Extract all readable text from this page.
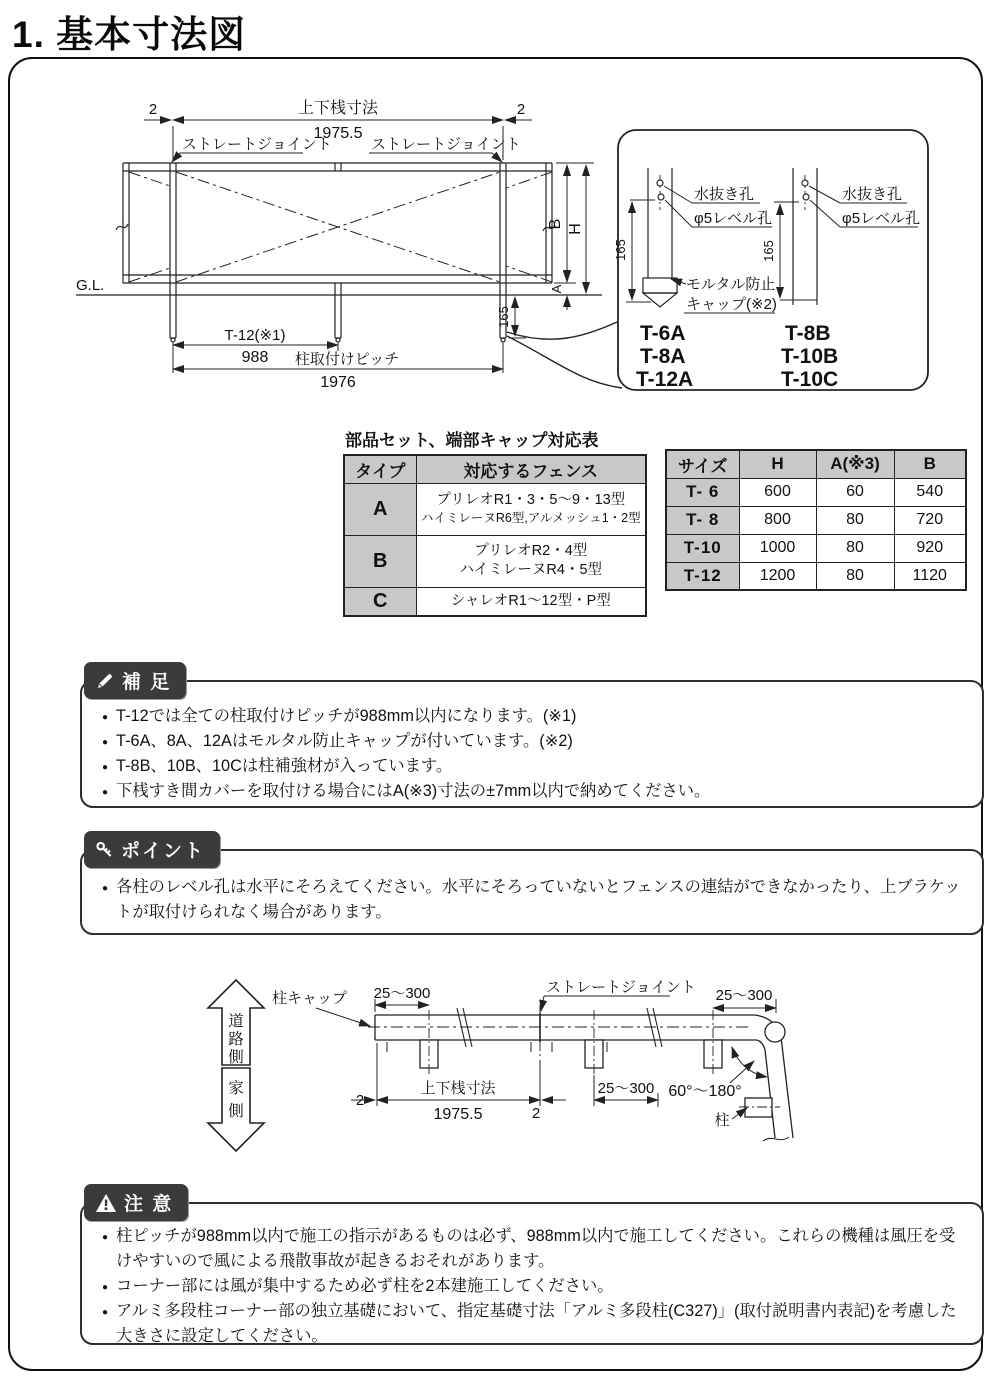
1. 基本寸法図
2	上下桟寸法
1975.5
2
ストレートジョイント	ストレートジョイント
G.L.
B H
A
165
T-12(※1)
988 柱取付けピッチ
1976
水抜き孔
φ5レベル孔
165
モルタル防止
キャップ(※2)
T-6A
T-8A
T-12A
水抜き孔
φ5レベル孔
165
T-8B
T-10B
T-10C
部品セット、端部キャップ対応表
タイプ	対応するフェンス
A	プリレオR1・3・5〜9・13型
ハイミレーヌR6型,アルメッシュ1・2型

B	プリレオR2・4型
ハイミレーヌR4・5型

C	シャレオR1〜12型・P型
サイズ	H	A(※3)	B
T- 6	600	60	540
T- 8	800	80	720
T-10	1000	80	920
T-12	1200	80	1120
補 足
● T-12では全ての柱取付けピッチが988mm以内になります。(※1)
● T-6A、8A、12Aはモルタル防止キャップが付いています。(※2)
● T-8B、10B、10Cは柱補強材が入っています。
● 下桟すき間カバーを取付ける場合にはA(※3)寸法の±7mm以内で納めてください。
ポイント
● 各柱のレベル孔は水平にそろえてください。水平にそろっていないとフェンスの連結ができなかったり、上ブラケットが取付けられなく場合があります。
道
路
側
家
側
柱キャップ 25〜300	ストレートジョイント 25〜300
2
上下桟寸法
1975.5	2
25〜300 60°〜180°
柱
注 意
● 柱ピッチが988mm以内で施工の指示があるものは必ず、988mm以内で施工してください。これらの機種は風圧を受けやすいので風による飛散事故が起きるおそれがあります。
● コーナー部には風が集中するため必ず柱を2本建施工してください。
● アルミ多段柱コーナー部の独立基礎において、指定基礎寸法「アルミ多段柱(C327)」(取付説明書内表記)を考慮した大きさに設定してください。
